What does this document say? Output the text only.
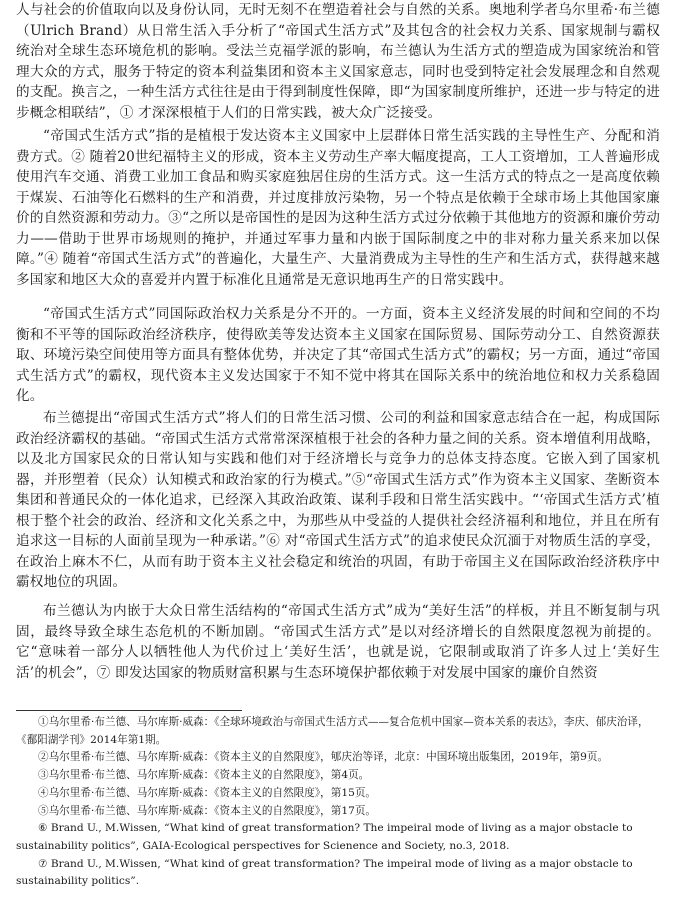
人与社会的价值取向以及身份认同，无时无刻不在塑造着社会与自然的关系。奥地利学者乌尔里希·布兰德（Ulrich Brand）从日常生活入手分析了“帝国式生活方式”及其包含的社会权力关系、国家规制与霸权统治对全球生态环境危机的影响。受法兰克福学派的影响，布兰德认为生活方式的塑造成为国家统治和管理大众的方式，服务于特定的资本利益集团和资本主义国家意志，同时也受到特定社会发展理念和自然观的支配。换言之，一种生活方式往往是由于得到制度性保障，即“为国家制度所维护，还进一步与特定的进步概念相联结”，① 才深深根植于人们的日常实践，被大众广泛接受。

“帝国式生活方式”指的是植根于发达资本主义国家中上层群体日常生活实践的主导性生产、分配和消费方式。② 随着20世纪福特主义的形成，资本主义劳动生产率大幅度提高，工人工资增加，工人普遍形成使用汽车交通、消费工业加工食品和购买家庭独居住房的生活方式。这一生活方式的特点之一是高度依赖于煤炭、石油等化石燃料的生产和消费，并过度排放污染物，另一个特点是依赖于全球市场上其他国家廉价的自然资源和劳动力。③“之所以是帝国性的是因为这种生活方式过分依赖于其他地方的资源和廉价劳动力——借助于世界市场规则的掩护，并通过军事力量和内嵌于国际制度之中的非对称力量关系来加以保障。”④ 随着“帝国式生活方式”的普遍化，大量生产、大量消费成为主导性的生产和生活方式，获得越来越多国家和地区大众的喜爱并内置于标准化且通常是无意识地再生产的日常实践中。

“帝国式生活方式”同国际政治权力关系是分不开的。一方面，资本主义经济发展的时间和空间的不均衡和不平等的国际政治经济秩序，使得欧美等发达资本主义国家在国际贸易、国际劳动分工、自然资源获取、环境污染空间使用等方面具有整体优势，并决定了其“帝国式生活方式”的霸权；另一方面，通过“帝国式生活方式”的霸权，现代资本主义发达国家于不知不觉中将其在国际关系中的统治地位和权力关系稳固化。

布兰德提出“帝国式生活方式”将人们的日常生活习惯、公司的利益和国家意志结合在一起，构成国际政治经济霸权的基础。“帝国式生活方式常常深深植根于社会的各种力量之间的关系。资本增值利用战略，以及北方国家民众的日常认知与实践和他们对于经济增长与竞争力的总体支持态度。它嵌入到了国家机器，并形塑着（民众）认知模式和政治家的行为模式。”⑤“帝国式生活方式”作为资本主义国家、垄断资本集团和普通民众的一体化追求，已经深入其政治政策、谋利手段和日常生活实践中。“‘帝国式生活方式’植根于整个社会的政治、经济和文化关系之中，为那些从中受益的人提供社会经济福利和地位，并且在所有追求这一目标的人面前呈现为一种承诺。”⑥ 对“帝国式生活方式”的追求使民众沉湎于对物质生活的享受，在政治上麻木不仁，从而有助于资本主义社会稳定和统治的巩固，有助于帝国主义在国际政治经济秩序中霸权地位的巩固。

布兰德认为内嵌于大众日常生活结构的“帝国式生活方式”成为“美好生活”的样板，并且不断复制与巩固，最终导致全球生态危机的不断加剧。“帝国式生活方式”是以对经济增长的自然限度忽视为前提的。它“意味着一部分人以牺牲他人为代价过上‘美好生活’，也就是说，它限制或取消了许多人过上‘美好生活’的机会”，⑦ 即发达国家的物质财富积累与生态环境保护都依赖于对发展中国家的廉价自然资

①乌尔里希·布兰德、马尔库斯·威森：《全球环境政治与帝国式生活方式——复合危机中国家—资本关系的表达》，李庆、郁庆治译，《鄱阳湖学刊》2014年第1期。

②乌尔里希·布兰德、马尔库斯·威森：《资本主义的自然限度》，郇庆治等译，北京：中国环境出版集团，2019年，第9页。

③乌尔里希·布兰德、马尔库斯·威森：《资本主义的自然限度》，第4页。

④乌尔里希·布兰德、马尔库斯·威森：《资本主义的自然限度》，第15页。

⑤乌尔里希·布兰德、马尔库斯·威森：《资本主义的自然限度》，第17页。

⑥ Brand U., M.Wissen, “What kind of great transformation? The impeiral mode of living as a major obstacle to sustainability politics”, GAIA-Ecological perspectives for Scienence and Society, no.3, 2018.

⑦ Brand U., M.Wissen, “What kind of great transformation? The impeiral mode of living as a major obstacle to sustainability politics”.
